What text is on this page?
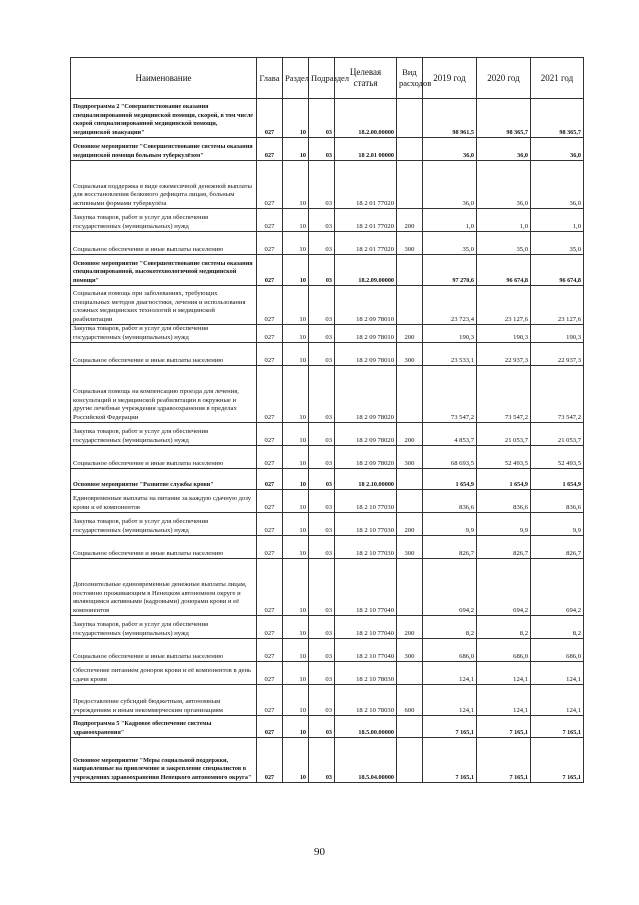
Наименование	Глава	Раздел	Подраздел	Целевая статья	Вид расходов	2019 год	2020 год	2021 год
Подпрограмма 2 "Совершенствование оказания специализированной медицинской помощи, скорой, в том числе скорой специализированной медицинской помощи, медицинской эвакуации"	027	10	03	18.2.00.00000		98 961,5	98 365,7	98 365,7
Основное мероприятие "Совершенствование системы оказания медицинской помощи больным туберкулёзом"	027	10	03	18 2.01 00000		36,0	36,0	36,0
Социальная поддержка в виде ежемесячной денежной выплаты для восстановления белкового дефицита лицам, больным активными формами туберкулёза	027	10	03	18 2 01 77020		36,0	36,0	36,0
Закупка товаров, работ и услуг для обеспечения государственных (муниципальных) нужд	027	10	03	18 2 01 77020	200	1,0	1,0	1,0
Социальное обеспечение и иные выплаты населению	027	10	03	18 2 01 77020	300	35,0	35,0	35,0
Основное мероприятие "Совершенствование системы оказания специализированной, высокотехнологичной медицинской помощи"	027	10	03	18.2.09.00000		97 270,6	96 674,8	96 674,8
Социальная помощь при заболеваниях, требующих специальных методов диагностики, лечения и использования сложных медицинских технологий и медицинской реабилитации	027	10	03	18 2 09 78010		23 723,4	23 127,6	23 127,6
Закупка товаров, работ и услуг для обеспечения государственных (муниципальных) нужд	027	10	03	18 2 09 78010	200	190,3	190,3	190,3
Социальное обеспечение и иные выплаты населению	027	10	03	18 2 09 78010	300	23 533,1	22 937,3	22 937,3
Социальная помощь на компенсацию проезда для лечения, консультаций и медицинской реабилитации в окружные и другие лечебные учреждения здравоохранения в пределах Российской Федерации	027	10	03	18 2 09 78020		73 547,2	73 547,2	73 547,2
Закупка товаров, работ и услуг для обеспечения государственных (муниципальных) нужд	027	10	03	18 2 09 78020	200	4 853,7	21 053,7	21 053,7
Социальное обеспечение и иные выплаты населению	027	10	03	18 2 09 78020	300	68 693,5	52 493,5	52 493,5
Основное мероприятие "Развитие службы крови"	027	10	03	18 2.10.00000		1 654,9	1 654,9	1 654,9
Единовременные выплаты на питание за каждую сдачную дозу крови и её компонентов	027	10	03	18 2 10 77030		836,6	836,6	836,6
Закупка товаров, работ и услуг для обеспечения государственных (муниципальных) нужд	027	10	03	18 2 10 77030	200	9,9	9,9	9,9
Социальное обеспечение и иные выплаты населению	027	10	03	18 2 10 77030	300	826,7	826,7	826,7
Дополнительные единовременные денежные выплаты лицам, постоянно проживающим в Ненецком автономном округе и являющимся активными (кадровыми) донорами крови и её компонентов	027	10	03	18 2 10 77040		694,2	694,2	694,2
Закупка товаров, работ и услуг для обеспечения государственных (муниципальных) нужд	027	10	03	18 2 10 77040	200	8,2	8,2	8,2
Социальное обеспечение и иные выплаты населению	027	10	03	18 2 10 77040	300	686,0	686,0	686,0
Обеспечение питанием доноров крови и её компонентов в день сдачи крови	027	10	03	18 2 10 78030		124,1	124,1	124,1
Предоставление субсидий бюджетным, автономным учреждениям и иным некоммерческим организациям	027	10	03	18 2 10 78030	600	124,1	124,1	124,1
Подпрограмма 5 "Кадровое обеспечение системы здравоохранения"	027	10	03	18.5.00.00000		7 165,1	7 165,1	7 165,1
Основное мероприятие "Меры социальной поддержки, направленные на привлечение и закрепление специалистов в учреждениях здравоохранения Ненецкого автономного округа"	027	10	03	18.5.04.00000		7 165,1	7 165,1	7 165,1
90
